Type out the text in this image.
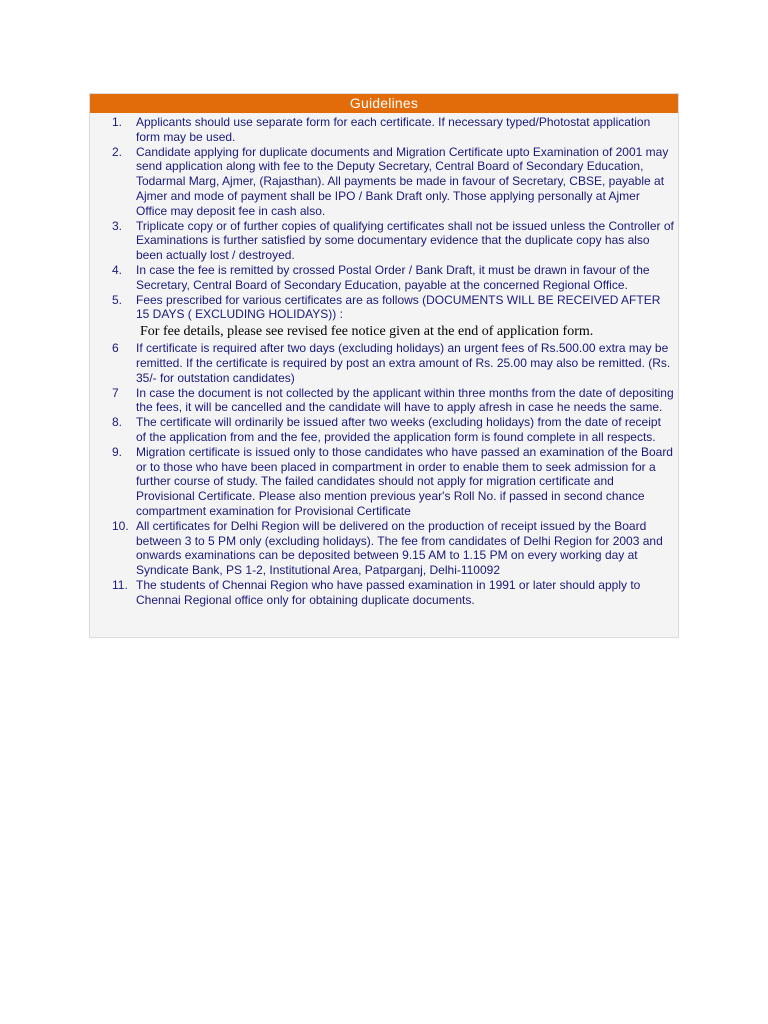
Guidelines
1. Applicants should use separate form for each certificate. If necessary typed/Photostat application form may be used.
2. Candidate applying for duplicate documents and Migration Certificate upto Examination of 2001 may send application along with fee to the Deputy Secretary, Central Board of Secondary Education, Todarmal Marg, Ajmer, (Rajasthan). All payments be made in favour of Secretary, CBSE, payable at Ajmer and mode of payment shall be IPO / Bank Draft only. Those applying personally at Ajmer Office may deposit fee in cash also.
3. Triplicate copy or of further copies of qualifying certificates shall not be issued unless the Controller of Examinations is further satisfied by some documentary evidence that the duplicate copy has also been actually lost / destroyed.
4. In case the fee is remitted by crossed Postal Order / Bank Draft, it must be drawn in favour of the Secretary, Central Board of Secondary Education, payable at the concerned Regional Office.
5. Fees prescribed for various certificates are as follows (DOCUMENTS WILL BE RECEIVED AFTER 15 DAYS ( EXCLUDING HOLIDAYS)) :
For fee details, please see revised fee notice given at the end of application form.
6 If certificate is required after two days (excluding holidays) an urgent fees of Rs.500.00 extra may be remitted. If the certificate is required by post an extra amount of Rs. 25.00 may also be remitted. (Rs. 35/- for outstation candidates)
7 In case the document is not collected by the applicant within three months from the date of depositing the fees, it will be cancelled and the candidate will have to apply afresh in case he needs the same.
8. The certificate will ordinarily be issued after two weeks (excluding holidays) from the date of receipt of the application from and the fee, provided the application form is found complete in all respects.
9. Migration certificate is issued only to those candidates who have passed an examination of the Board or to those who have been placed in compartment in order to enable them to seek admission for a further course of study. The failed candidates should not apply for migration certificate and Provisional Certificate. Please also mention previous year's Roll No. if passed in second chance compartment examination for Provisional Certificate
10. All certificates for Delhi Region will be delivered on the production of receipt issued by the Board between 3 to 5 PM only (excluding holidays). The fee from candidates of Delhi Region for 2003 and onwards examinations can be deposited between 9.15 AM to 1.15 PM on every working day at Syndicate Bank, PS 1-2, Institutional Area, Patparganj, Delhi-110092
11. The students of Chennai Region who have passed examination in 1991 or later should apply to Chennai Regional office only for obtaining duplicate documents.
